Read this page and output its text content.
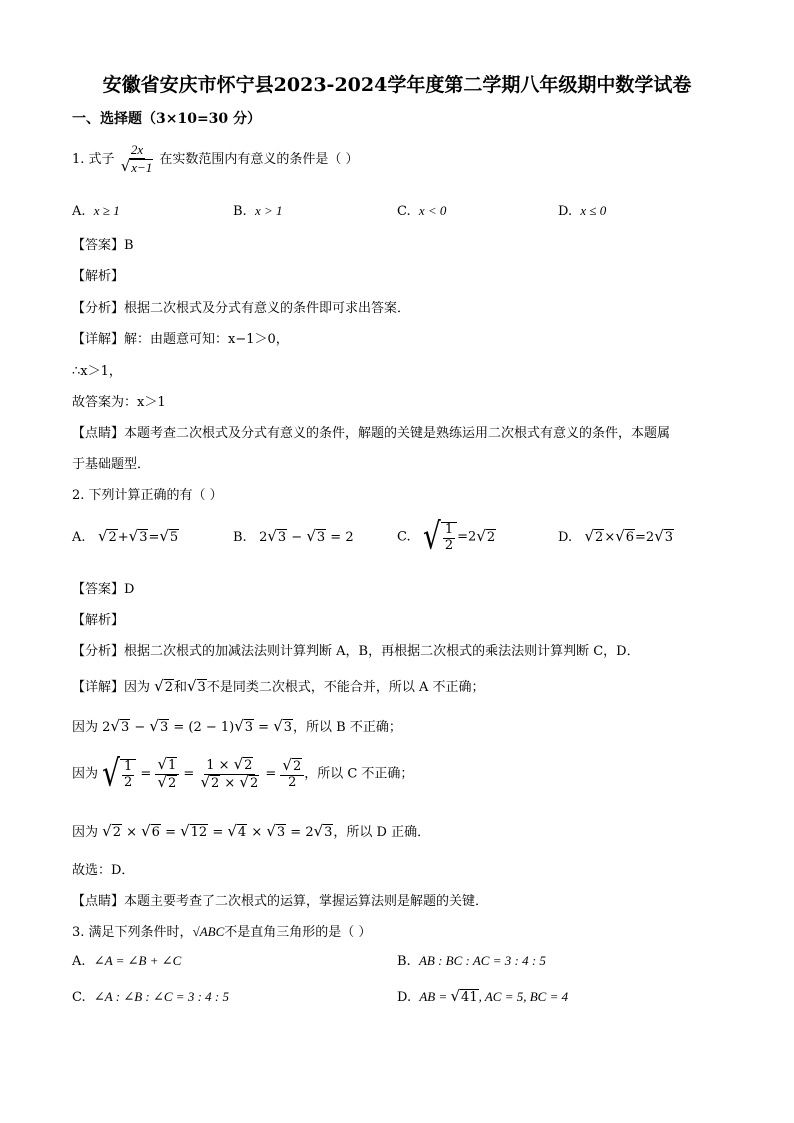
安徽省安庆市怀宁县2023-2024学年度第二学期八年级期中数学试卷
一、选择题（3×10=30 分）
1. 式子 $\frac{2x}{√ x-1}$ 在实数范围内有意义的条件是（ ）
A. x ≥ 1	B. x > 1	C. x < 0	D. x ≤ 0
【答案】B
【解析】
【分析】根据二次根式及分式有意义的条件即可求出答案．
【详解】解：由题意可知：x−1＞0，
∴x＞1，
故答案为：x＞1
【点睛】本题考查二次根式及分式有意义的条件，解题的关键是熟练运用二次根式有意义的条件，本题属
于基础题型．
2. 下列计算正确的有（ ）
A. √ 2 + √ 3 = √ 5	B.   2 √ 3 − √ 3 = 2	C. √ $\frac{1}{2} =2$ √ 2	D. √ 2 × √ 6 =2 √ 3
【答案】D
【解析】
【分析】根据二次根式的加减法法则计算判断 A，B，再根据二次根式的乘法法则计算判断 C，D．
【详解】因为 √ 2 和 √ 3 不是同类二次根式，不能合并，所以 A 不正确；
因为 2 √ 3 − √ 3 = (2 − 1) √ 3 = √ 3 ，所以 B 不正确；
因为 √ $\frac{1}{2} = \frac{√ 1}{√ 2} = \frac{1 \times √ 2}{√ 2 \times √ 2} = \frac{√ 2}{2}$ ，所以 C 不正确；
因为 √ 2 × √ 6 = √ 12 = √ 4 × √ 3 = 2 √ 3 ，所以 D 正确．
故选：D．
【点睛】本题主要考查了二次根式的运算，掌握运算法则是解题的关键．
3. 满足下列条件时，√ABC不是直角三角形的是（ ）
A. ∠A = ∠B + ∠C	B. AB : BC : AC = 3 : 4 : 5
C. ∠A : ∠B : ∠C = 3 : 4 : 5	D. AB = √ 41 , AC = 5, BC = 4
